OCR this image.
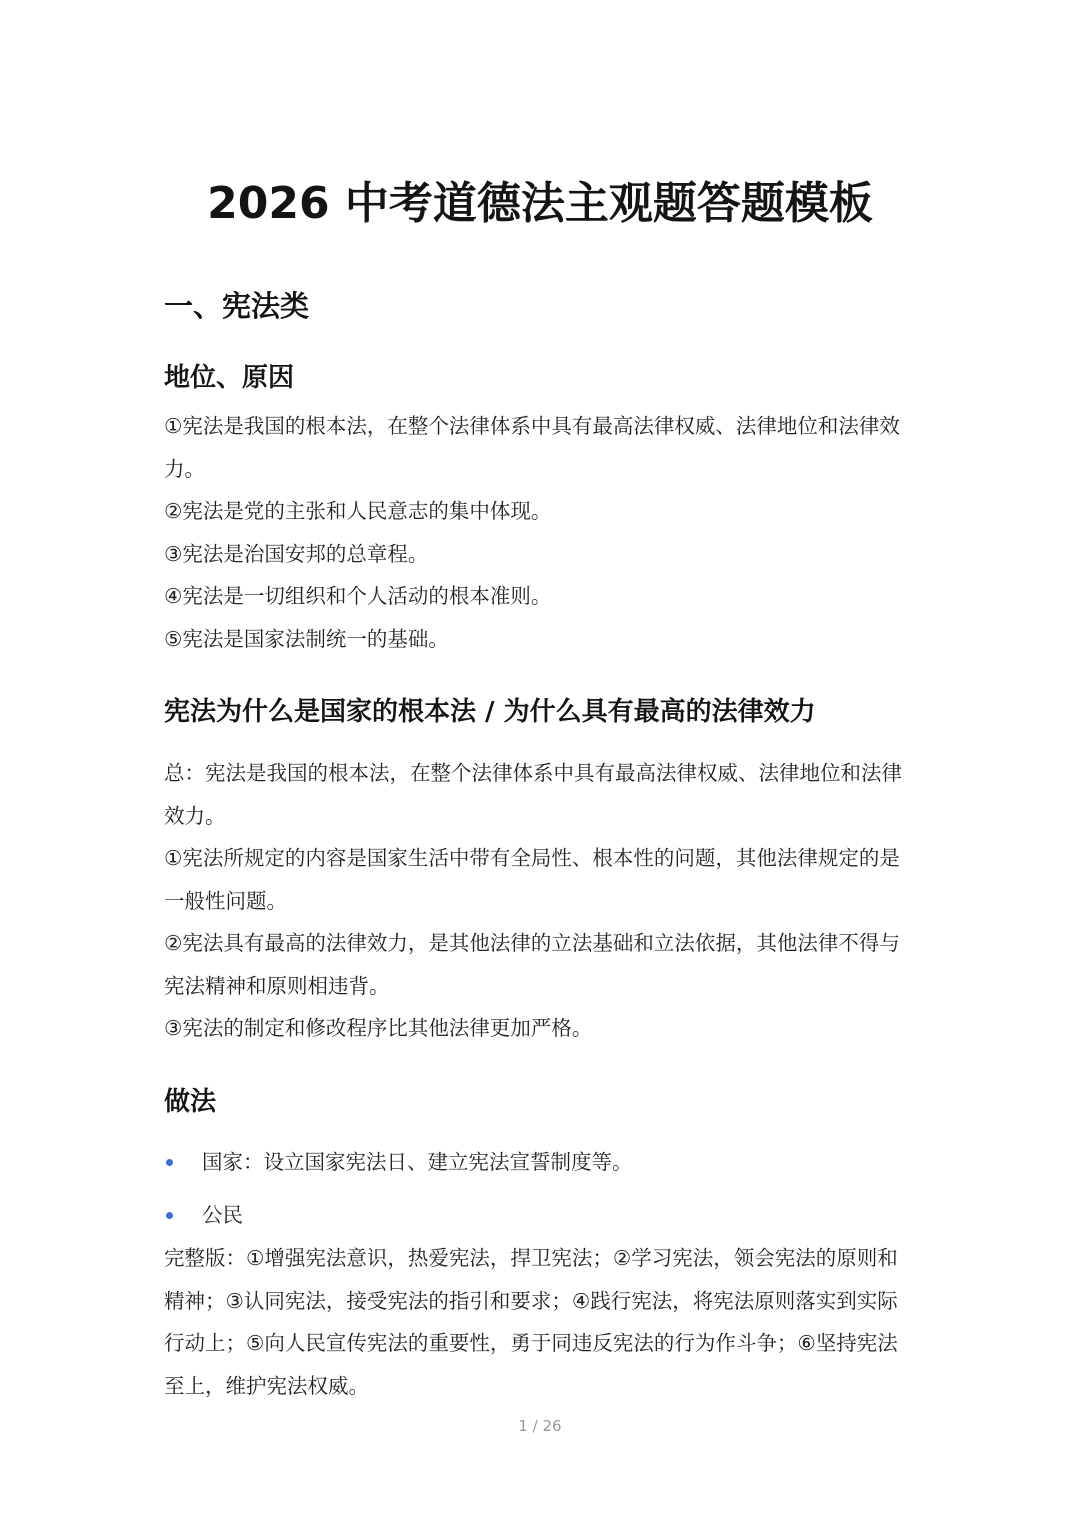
2026 中考道德法主观题答题模板
一、宪法类
地位、原因

①宪法是我国的根本法，在整个法律体系中具有最高法律权威、法律地位和法律效力。

②宪法是党的主张和人民意志的集中体现。

③宪法是治国安邦的总章程。

④宪法是一切组织和个人活动的根本准则。

⑤宪法是国家法制统一的基础。

宪法为什么是国家的根本法 / 为什么具有最高的法律效力

总：宪法是我国的根本法，在整个法律体系中具有最高法律权威、法律地位和法律效力。

①宪法所规定的内容是国家生活中带有全局性、根本性的问题，其他法律规定的是一般性问题。

②宪法具有最高的法律效力，是其他法律的立法基础和立法依据，其他法律不得与宪法精神和原则相违背。

③宪法的制定和修改程序比其他法律更加严格。

做法
国家：设立国家宪法日、建立宪法宣誓制度等。
公民

完整版：①增强宪法意识，热爱宪法，捍卫宪法；②学习宪法，领会宪法的原则和精神；③认同宪法，接受宪法的指引和要求；④践行宪法，将宪法原则落实到实际行动上；⑤向人民宣传宪法的重要性，勇于同违反宪法的行为作斗争；⑥坚持宪法至上，维护宪法权威。

1 / 26
